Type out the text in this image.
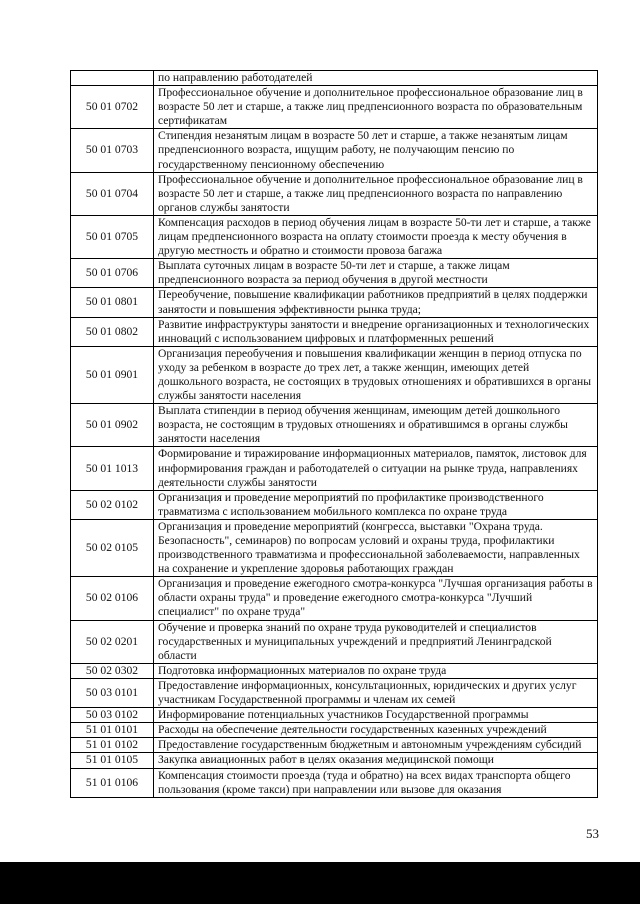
	по направлению работодателей
50 01 0702	Профессиональное обучение и дополнительное профессиональное образование лиц в возрасте 50 лет и старше, а также лиц предпенсионного возраста по образовательным сертификатам
50 01 0703	Стипендия незанятым лицам в возрасте 50 лет и старше, а также незанятым лицам предпенсионного возраста, ищущим работу, не получающим пенсию по государственному пенсионному обеспечению
50 01 0704	Профессиональное обучение и дополнительное профессиональное образование лиц в возрасте 50 лет и старше, а также лиц предпенсионного возраста по направлению органов службы занятости
50 01 0705	Компенсация расходов в период обучения лицам в возрасте 50-ти лет и старше, а также лицам предпенсионного возраста на оплату стоимости проезда к месту обучения в другую местность и обратно и стоимости провоза багажа
50 01 0706	Выплата суточных лицам в возрасте 50-ти лет и старше, а также лицам предпенсионного возраста за период обучения в другой местности
50 01 0801	Переобучение, повышение квалификации работников предприятий в целях поддержки занятости и повышения эффективности рынка труда;
50 01 0802	Развитие инфраструктуры занятости и внедрение организационных и технологических инноваций с использованием цифровых и платформенных решений
50 01 0901	Организация переобучения и повышения квалификации женщин в период отпуска по уходу за ребенком в возрасте до трех лет, а также женщин, имеющих детей дошкольного возраста, не состоящих в трудовых отношениях и обратившихся в органы службы занятости населения
50 01 0902	Выплата стипендии в период обучения женщинам, имеющим детей дошкольного возраста, не состоящим в трудовых отношениях и обратившимся в органы службы занятости населения
50 01 1013	Формирование и тиражирование информационных материалов, памяток, листовок для информирования граждан и работодателей о ситуации на рынке труда, направлениях деятельности службы занятости
50 02 0102	Организация и проведение мероприятий по профилактике производственного травматизма с использованием мобильного комплекса по охране труда
50 02 0105	Организация и проведение мероприятий (конгресса, выставки "Охрана труда. Безопасность", семинаров) по вопросам условий и охраны труда, профилактики производственного травматизма и профессиональной заболеваемости, направленных на сохранение и укрепление здоровья работающих граждан
50 02 0106	Организация и проведение ежегодного смотра-конкурса "Лучшая организация работы в области охраны труда" и проведение ежегодного смотра-конкурса "Лучший специалист" по охране труда"
50 02 0201	Обучение и проверка знаний по охране труда руководителей и специалистов государственных и муниципальных учреждений и предприятий Ленинградской области
50 02 0302	Подготовка информационных материалов по охране труда
50 03 0101	Предоставление информационных, консультационных, юридических и других услуг участникам Государственной программы и членам их семей
50 03 0102	Информирование потенциальных участников Государственной программы
51 01 0101	Расходы на обеспечение деятельности государственных казенных учреждений
51 01 0102	Предоставление государственным бюджетным и автономным учреждениям субсидий
51 01 0105	Закупка авиационных работ в целях оказания медицинской помощи
51 01 0106	Компенсация стоимости проезда (туда и обратно) на всех видах транспорта общего пользования (кроме такси) при направлении или вызове для оказания
53
